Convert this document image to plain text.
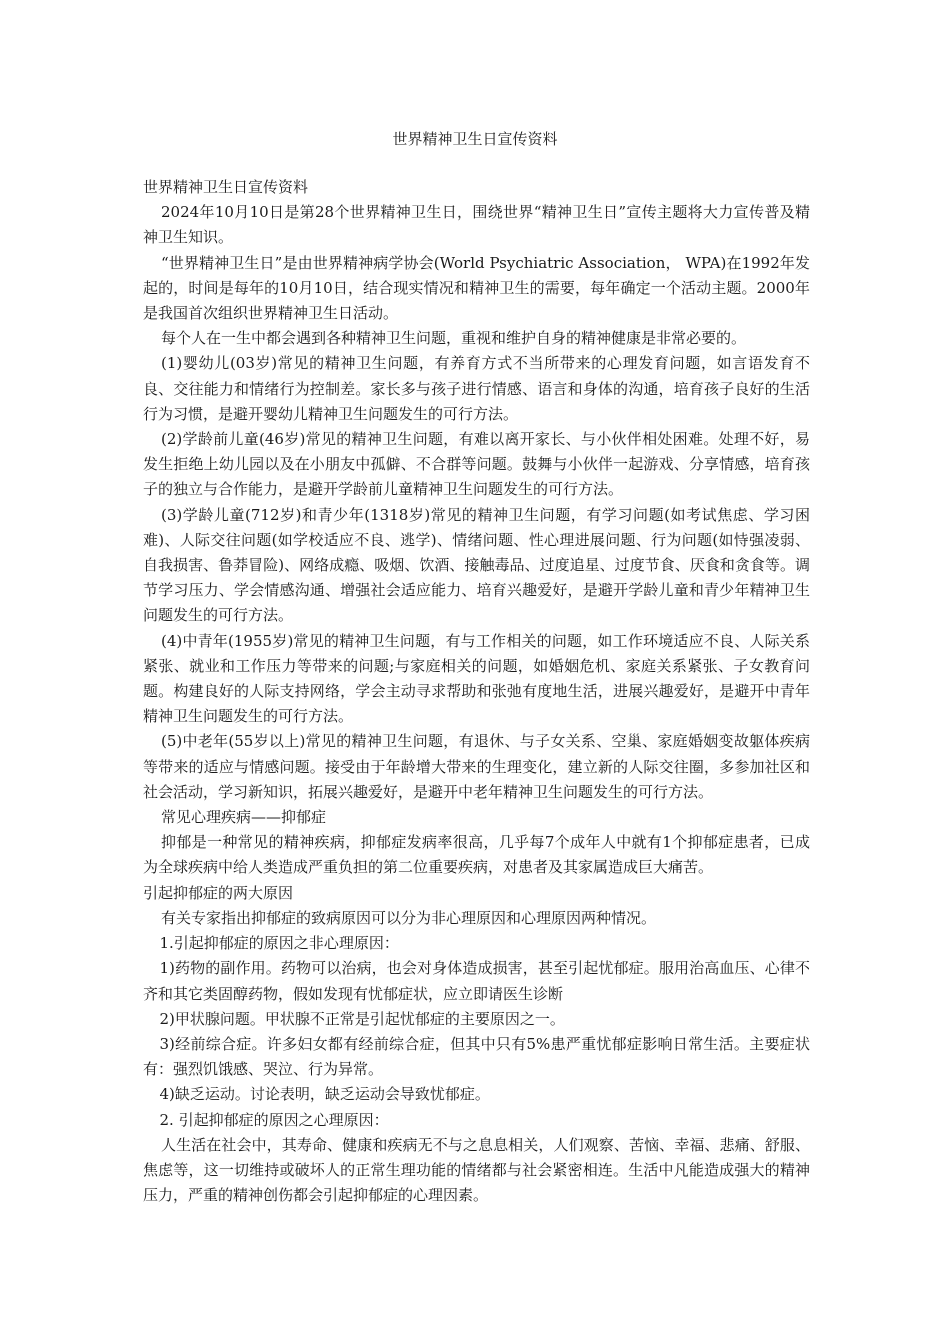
世界精神卫生日宣传资料

世界精神卫生日宣传资料

2024年10月10日是第28个世界精神卫生日，围绕世界“精神卫生日”宣传主题将大力宣传普及精神卫生知识。

“世界精神卫生日”是由世界精神病学协会(World Psychiatric Association， WPA)在1992年发起的，时间是每年的10月10日，结合现实情况和精神卫生的需要，每年确定一个活动主题。2000年是我国首次组织世界精神卫生日活动。

每个人在一生中都会遇到各种精神卫生问题，重视和维护自身的精神健康是非常必要的。

(1)婴幼儿(03岁)常见的精神卫生问题，有养育方式不当所带来的心理发育问题，如言语发育不良、交往能力和情绪行为控制差。家长多与孩子进行情感、语言和身体的沟通，培育孩子良好的生活行为习惯，是避开婴幼儿精神卫生问题发生的可行方法。

(2)学龄前儿童(46岁)常见的精神卫生问题，有难以离开家长、与小伙伴相处困难。处理不好，易发生拒绝上幼儿园以及在小朋友中孤僻、不合群等问题。鼓舞与小伙伴一起游戏、分享情感，培育孩子的独立与合作能力，是避开学龄前儿童精神卫生问题发生的可行方法。

(3)学龄儿童(712岁)和青少年(1318岁)常见的精神卫生问题，有学习问题(如考试焦虑、学习困难)、人际交往问题(如学校适应不良、逃学)、情绪问题、性心理进展问题、行为问题(如恃强凌弱、自我损害、鲁莽冒险)、网络成瘾、吸烟、饮酒、接触毒品、过度追星、过度节食、厌食和贪食等。调节学习压力、学会情感沟通、增强社会适应能力、培育兴趣爱好，是避开学龄儿童和青少年精神卫生问题发生的可行方法。

(4)中青年(1955岁)常见的精神卫生问题，有与工作相关的问题，如工作环境适应不良、人际关系紧张、就业和工作压力等带来的问题;与家庭相关的问题，如婚姻危机、家庭关系紧张、子女教育问题。构建良好的人际支持网络，学会主动寻求帮助和张弛有度地生活，进展兴趣爱好，是避开中青年精神卫生问题发生的可行方法。

(5)中老年(55岁以上)常见的精神卫生问题，有退休、与子女关系、空巢、家庭婚姻变故躯体疾病等带来的适应与情感问题。接受由于年龄增大带来的生理变化，建立新的人际交往圈，多参加社区和社会活动，学习新知识，拓展兴趣爱好，是避开中老年精神卫生问题发生的可行方法。

常见心理疾病——抑郁症

抑郁是一种常见的精神疾病，抑郁症发病率很高，几乎每7个成年人中就有1个抑郁症患者，已成为全球疾病中给人类造成严重负担的第二位重要疾病，对患者及其家属造成巨大痛苦。

引起抑郁症的两大原因

有关专家指出抑郁症的致病原因可以分为非心理原因和心理原因两种情况。

1.引起抑郁症的原因之非心理原因：

1)药物的副作用。药物可以治病，也会对身体造成损害，甚至引起忧郁症。服用治高血压、心律不齐和其它类固醇药物，假如发现有忧郁症状，应立即请医生诊断

2)甲状腺问题。甲状腺不正常是引起忧郁症的主要原因之一。

3)经前综合症。许多妇女都有经前综合症，但其中只有5%患严重忧郁症影响日常生活。主要症状有：强烈饥饿感、哭泣、行为异常。

4)缺乏运动。讨论表明，缺乏运动会导致忧郁症。

2. 引起抑郁症的原因之心理原因：

人生活在社会中，其寿命、健康和疾病无不与之息息相关，人们观察、苦恼、幸福、悲痛、舒服、焦虑等，这一切维持或破坏人的正常生理功能的情绪都与社会紧密相连。生活中凡能造成强大的精神压力，严重的精神创伤都会引起抑郁症的心理因素。
